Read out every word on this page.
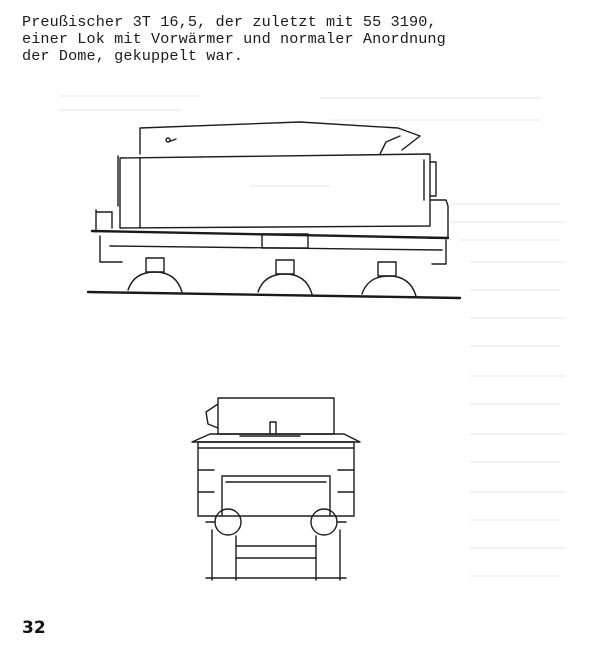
Preußischer 3T 16,5, der zuletzt mit 55 3190,
einer Lok mit Vorwärmer und normaler Anordnung
der Dome, gekuppelt war.
32
